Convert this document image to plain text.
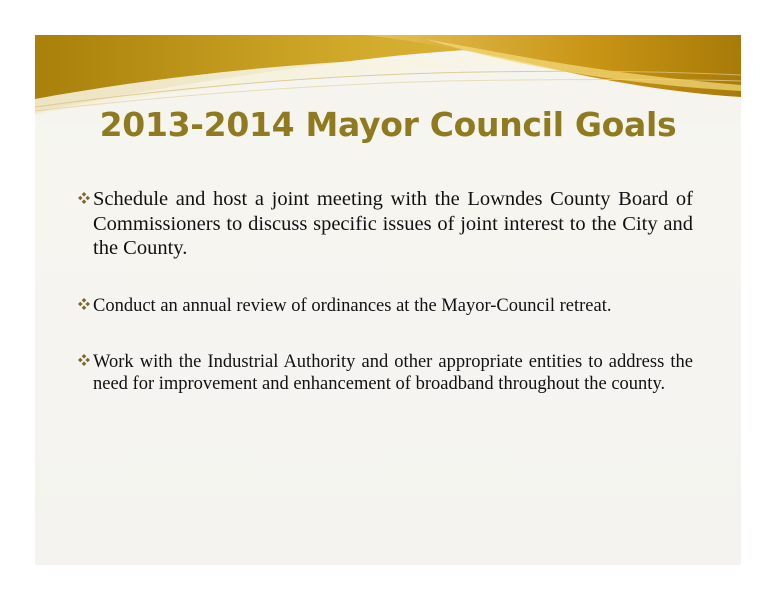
2013-2014 Mayor Council Goals
Schedule and host a joint meeting with the Lowndes County Board of Commissioners to discuss specific issues of joint interest to the City and the County.
Conduct an annual review of ordinances at the Mayor-Council retreat.
Work with the Industrial Authority and other appropriate entities to address the need for improvement and enhancement of broadband throughout the county.
